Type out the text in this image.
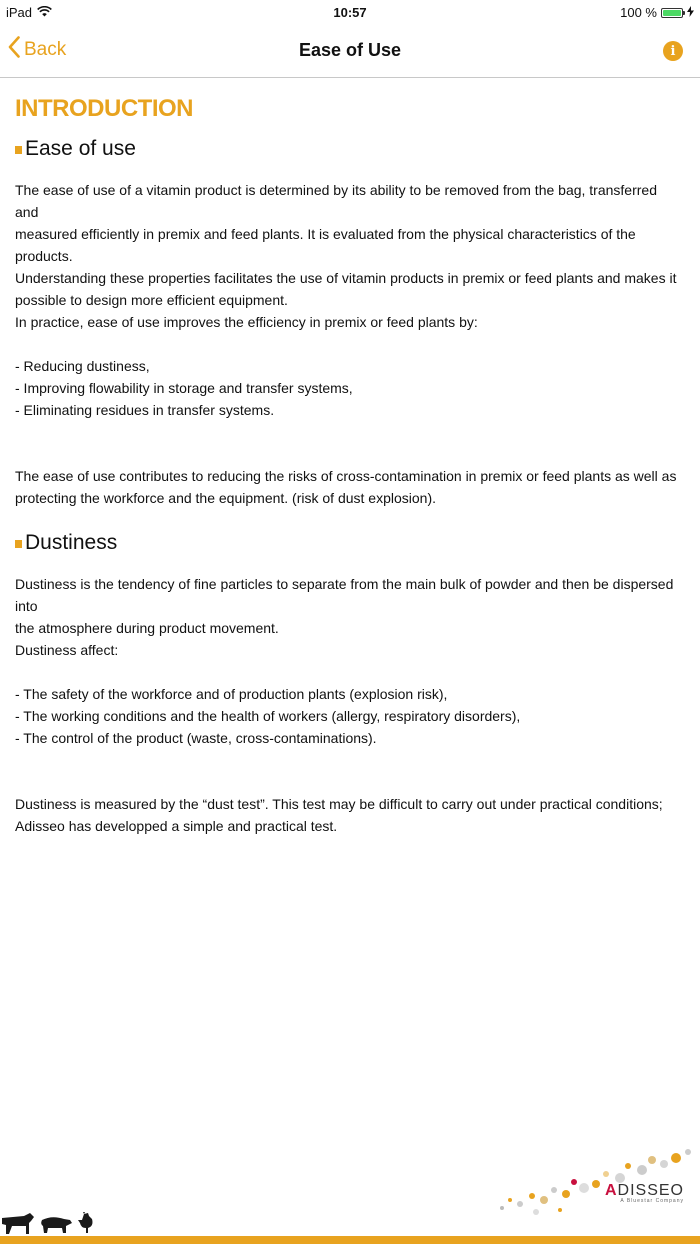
iPad	10:57	100 %
Back	Ease of Use	i
INTRODUCTION
Ease of use

The ease of use of a vitamin product is determined by its ability to be removed from the bag, transferred and
measured efficiently in premix and feed plants. It is evaluated from the physical characteristics of the products.
Understanding these properties facilitates the use of vitamin products in premix or feed plants and makes it
possible to design more efficient equipment.
In practice, ease of use improves the efficiency in premix or feed plants by:

- Reducing dustiness,
- Improving flowability in storage and transfer systems,
- Eliminating residues in transfer systems.

The ease of use contributes to reducing the risks of cross-contamination in premix or feed plants as well as
protecting the workforce and the equipment. (risk of dust explosion).

Dustiness

Dustiness is the tendency of fine particles to separate from the main bulk of powder and then be dispersed into
the atmosphere during product movement.
Dustiness affect:

- The safety of the workforce and of production plants (explosion risk),
- The working conditions and the health of workers (allergy, respiratory disorders),
- The control of the product (waste, cross-contaminations).

Dustiness is measured by the “dust test”. This test may be difficult to carry out under practical conditions;
Adisseo has developped a simple and practical test.

ADISSEO
A Bluestar Company
